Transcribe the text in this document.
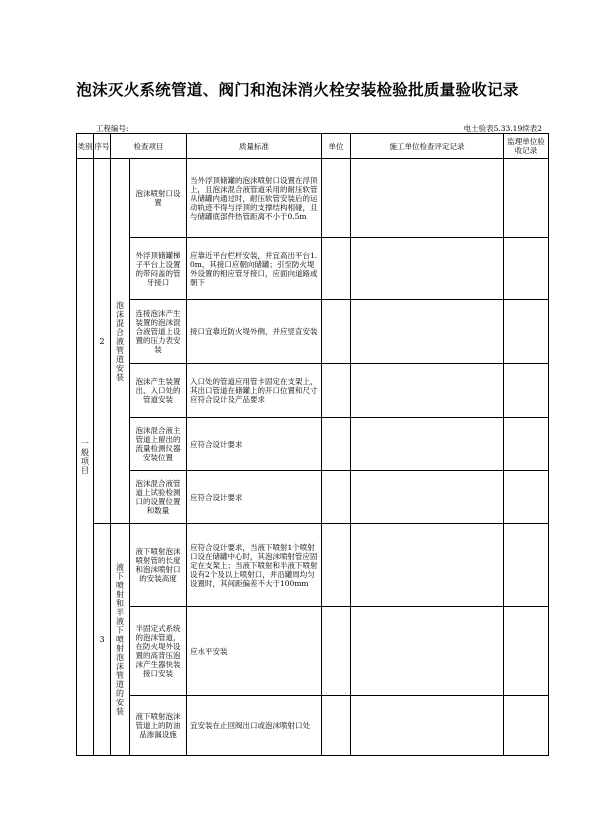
泡沫灭火系统管道、阀门和泡沫消火栓安装检验批质量验收记录
工程编号:	电土验表5.33.19续表2
类别	序号	检查项目		质量标准	单位	施工单位检查评定记录	监理单位验收记录
一般项目	2	泡沫混合液管道安装	泡沫喷射口设置	当外浮顶储罐的泡沫喷射口设置在浮顶上，且泡沫混合液管道采用的耐压软管从储罐内通过时，耐压软管安装后的运动轨迹不得与浮顶的支撑结构相碰，且与储罐底部件热管距离不小于0.5m			
			外浮顶储罐梯子平台上设置的带闷盖的管牙接口	应靠近平台栏杆安装，并宜高出平台1.0m，其接口应朝向储罐；引至防火堤外设置的相应管牙接口，应面向道路或朝下			
			连接泡沫产生装置的泡沫混合液管道上设置的压力表安装	接口宜靠近防火堤外侧，并应竖直安装			
			泡沫产生装置出、入口处的管道安装	入口处的管道应用管卡固定在支架上，其出口管道在储罐上的开口位置和尺寸应符合设计及产品要求			
			泡沫混合液主管道上留出的流量检测仪器安装位置	应符合设计要求			
			泡沫混合液管道上试验检测口的设置位置和数量	应符合设计要求			
	3	液下喷射和半液下喷射泡沫管道的安装	液下喷射泡沫喷射管的长度和泡沫喷射口的安装高度	应符合设计要求，当液下喷射1个喷射口设在储罐中心时，其泡沫喷射管应固定在支架上；当液下喷射和半液下喷射设有2个及以上喷射口，并沿罐周均匀设置时，其间距偏差不大于100mm			
			半固定式系统的泡沫管道，在防火堤外设置的高背压泡沫产生器快装接口安装	应水平安装			
			液下喷射泡沫管道上的防油品渗漏设施	宜安装在止回阀出口或泡沫喷射口处			
